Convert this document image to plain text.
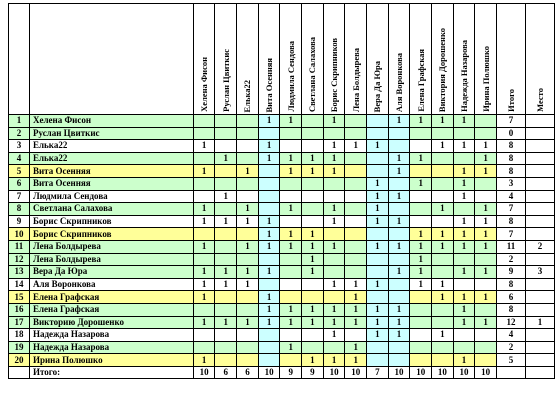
		Хелена Фисон	Руслан Цвиткис	Елька22	Вита Осенняя	Людмила Сендова	Светлана Салахова	Борис Скрипников	Лена Болдырева	Вера Да Юра	Аля Воронкова	Елена Графская	Виктория Дорошенко	Надежда Назарова	Ирина Полюшко	Итого	Место
1	Хелена Фисон				1	1		1			1	1	1	1		7	
2	Руслан Цвиткис															0	
3	Елька22	1			1			1	1	1			1	1	1	8	
4	Елька22		1		1	1	1	1			1	1			1	8	
5	Вита Осенняя	1		1		1	1	1			1			1	1	8	
6	Вита Осенняя									1		1		1		3	
7	Людмила Сендова		1							1	1			1		4	
8	Светлана Салахова	1		1		1		1		1			1		1	7	
9	Борис Скрипников	1	1	1	1			1		1	1			1	1	8	
10	Борис Скрипников				1	1	1					1	1	1	1	7	
11	Лена Болдырева	1		1	1	1	1	1		1	1	1	1	1	1	11	2
12	Лена Болдырева						1					1				2	
13	Вера Да Юра	1	1	1	1		1				1	1		1	1	9	3
14	Аля Воронкова	1	1	1				1	1	1		1	1			8	
15	Елена Графская	1			1				1				1	1	1	6	
16	Елена Графская				1	1	1	1	1	1	1			1		8	
17	Викторию Дорошенко	1	1	1	1	1	1	1	1	1	1			1	1	12	1
18	Надежда Назарова							1		1	1		1			4	
19	Надежда Назарова					1			1							2	
20	Ирина Полюшко	1					1	1	1					1		5	
	Итого:	10	6	6	10	9	9	10	10	7	10	10	10	10	10		
